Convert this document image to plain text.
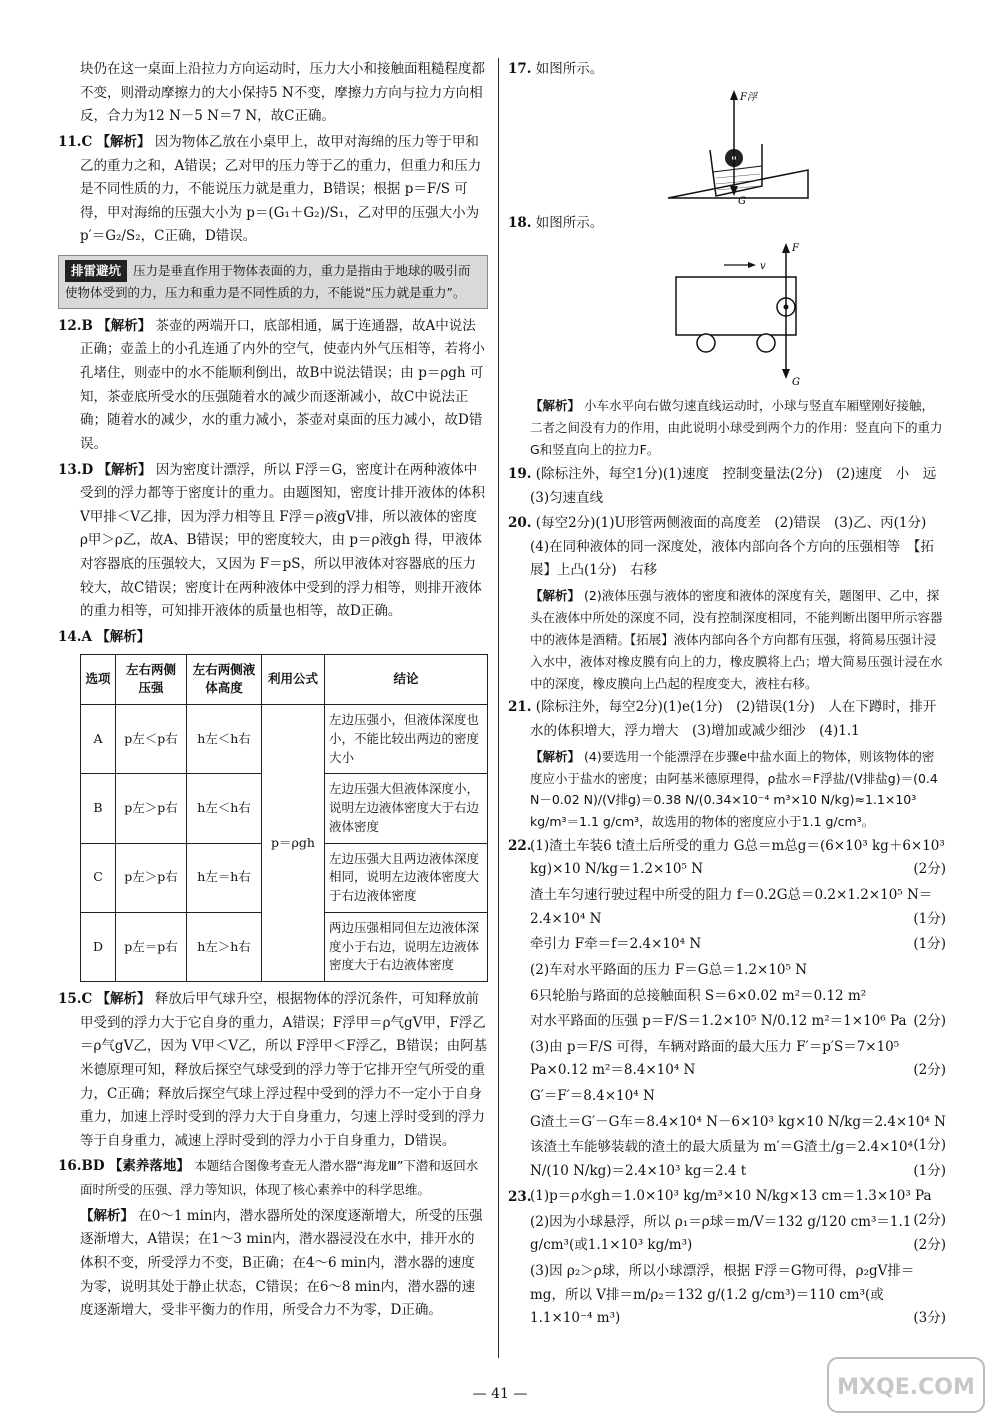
块仍在这一桌面上沿拉力方向运动时，压力大小和接触面粗糙程度都不变，则滑动摩擦力的大小保持5 N不变，摩擦力方向与拉力方向相反，合力为12 N－5 N＝7 N，故C正确。

11.C 【解析】 因为物体乙放在小桌甲上，故甲对海绵的压力等于甲和乙的重力之和，A错误；乙对甲的压力等于乙的重力，但重力和压力是不同性质的力，不能说压力就是重力，B错误；根据 p＝F/S 可得，甲对海绵的压强大小为 p＝(G₁＋G₂)/S₁，乙对甲的压强大小为 p′＝G₂/S₂，C正确，D错误。

排雷避坑 压力是垂直作用于物体表面的力，重力是指由于地球的吸引而使物体受到的力，压力和重力是不同性质的力，不能说“压力就是重力”。

12.B 【解析】 茶壶的两端开口，底部相通，属于连通器，故A中说法正确；壶盖上的小孔连通了内外的空气，使壶内外气压相等，若将小孔堵住，则壶中的水不能顺利倒出，故B中说法错误；由 p＝ρgh 可知，茶壶底所受水的压强随着水的减少而逐渐减小，故C中说法正确；随着水的减少，水的重力减小，茶壶对桌面的压力减小，故D错误。

13.D 【解析】 因为密度计漂浮，所以 F浮＝G，密度计在两种液体中受到的浮力都等于密度计的重力。由题图知，密度计排开液体的体积 V甲排＜V乙排，因为浮力相等且 F浮＝ρ液gV排，所以液体的密度 ρ甲＞ρ乙，故A、B错误；甲的密度较大，由 p＝ρ液gh 得，甲液体对容器底的压强较大，又因为 F＝pS，所以甲液体对容器底的压力较大，故C错误；密度计在两种液体中受到的浮力相等，则排开液体的重力相等，可知排开液体的质量也相等，故D正确。

14.A 【解析】

选项	左右两侧压强	左右两侧液体高度	利用公式	结论
A	p左＜p右	h左＜h右	p＝ρgh	左边压强小，但液体深度也小，不能比较出两边的密度大小
B	p左＞p右	h左＜h右		左边压强大但液体深度小，说明左边液体密度大于右边液体密度
C	p左＞p右	h左＝h右		左边压强大且两边液体深度相同，说明左边液体密度大于右边液体密度
D	p左＝p右	h左＞h右		两边压强相同但左边液体深度小于右边，说明左边液体密度大于右边液体密度

15.C 【解析】 释放后甲气球升空，根据物体的浮沉条件，可知释放前甲受到的浮力大于它自身的重力，A错误；F浮甲＝ρ气gV甲，F浮乙＝ρ气gV乙，因为 V甲＜V乙，所以 F浮甲＜F浮乙，B错误；由阿基米德原理可知，释放后探空气球受到的浮力等于它排开空气所受的重力，C正确；释放后探空气球上浮过程中受到的浮力不一定小于自身重力，加速上浮时受到的浮力大于自身重力，匀速上浮时受到的浮力等于自身重力，减速上浮时受到的浮力小于自身重力，D错误。

16.BD 【素养落地】 本题结合图像考查无人潜水器“海龙Ⅲ”下潜和返回水面时所受的压强、浮力等知识，体现了核心素养中的科学思维。

【解析】 在0～1 min内，潜水器所处的深度逐渐增大，所受的压强逐渐增大，A错误；在1～3 min内，潜水器浸没在水中，排开水的体积不变，所受浮力不变，B正确；在4～6 min内，潜水器的速度为零，说明其处于静止状态，C错误；在6～8 min内，潜水器的速度逐渐增大，受非平衡力的作用，所受合力不为零，D正确。

17. 如图所示。

F浮
G

18. 如图所示。

v
F
G

【解析】 小车水平向右做匀速直线运动时，小球与竖直车厢壁刚好接触，二者之间没有力的作用，由此说明小球受到两个力的作用：竖直向下的重力G和竖直向上的拉力F。

19. (除标注外，每空1分)(1)速度　控制变量法(2分)　(2)速度　小　远　(3)匀速直线

20. (每空2分)(1)U形管两侧液面的高度差　(2)错误　(3)乙、丙(1分)　(4)在同种液体的同一深度处，液体内部向各个方向的压强相等　【拓展】上凸(1分)　右移

【解析】 (2)液体压强与液体的密度和液体的深度有关，题图甲、乙中，探头在液体中所处的深度不同，没有控制深度相同，不能判断出图甲所示容器中的液体是酒精。【拓展】液体内部向各个方向都有压强，将简易压强计浸入水中，液体对橡皮膜有向上的力，橡皮膜将上凸；增大简易压强计浸在水中的深度，橡皮膜向上凸起的程度变大，液柱右移。

21. (除标注外，每空2分)(1)e(1分)　(2)错误(1分)　人在下蹲时，排开水的体积增大，浮力增大　(3)增加或减少细沙　(4)1.1

【解析】 (4)要选用一个能漂浮在步骤e中盐水面上的物体，则该物体的密度应小于盐水的密度；由阿基米德原理得，ρ盐水＝F浮盐/(V排盐g)＝(0.4 N－0.02 N)/(V排g)＝0.38 N/(0.34×10⁻⁴ m³×10 N/kg)≈1.1×10³ kg/m³＝1.1 g/cm³，故选用的物体的密度应小于1.1 g/cm³。

22.

(1)渣土车装6 t渣土后所受的重力 G总＝m总g＝(6×10³ kg＋6×10³ kg)×10 N/kg＝1.2×10⁵ N	(2分)

渣土车匀速行驶过程中所受的阻力 f＝0.2G总＝0.2×1.2×10⁵ N＝2.4×10⁴ N	(1分)

牵引力 F牵＝f＝2.4×10⁴ N	(1分)

(2)车对水平路面的压力 F＝G总＝1.2×10⁵ N

6只轮胎与路面的总接触面积 S＝6×0.02 m²＝0.12 m²

对水平路面的压强 p＝F/S＝1.2×10⁵ N/0.12 m²＝1×10⁶ Pa (2分)

(3)由 p＝F/S 可得，车辆对路面的最大压力 F′＝p′S＝7×10⁵ Pa×0.12 m²＝8.4×10⁴ N	(2分)

G′＝F′＝8.4×10⁴ N

G渣土＝G′－G车＝8.4×10⁴ N－6×10³ kg×10 N/kg＝2.4×10⁴ N
(1分)

该渣土车能够装载的渣土的最大质量为 m′＝G渣土/g＝2.4×10⁴ N/(10 N/kg)＝2.4×10³ kg＝2.4 t	(1分)

23.

(1)p＝ρ水gh＝1.0×10³ kg/m³×10 N/kg×13 cm＝1.3×10³ Pa
(2分)

(2)因为小球悬浮，所以 ρ₁＝ρ球＝m/V＝132 g/120 cm³＝1.1 g/cm³(或1.1×10³ kg/m³)	(2分)

(3)因 ρ₂＞ρ球，所以小球漂浮，根据 F浮＝G物可得，ρ₂gV排＝mg，所以 V排＝m/ρ₂＝132 g/(1.2 g/cm³)＝110 cm³(或1.1×10⁻⁴ m³)	(3分)

— 41 —	MXQE.COM
